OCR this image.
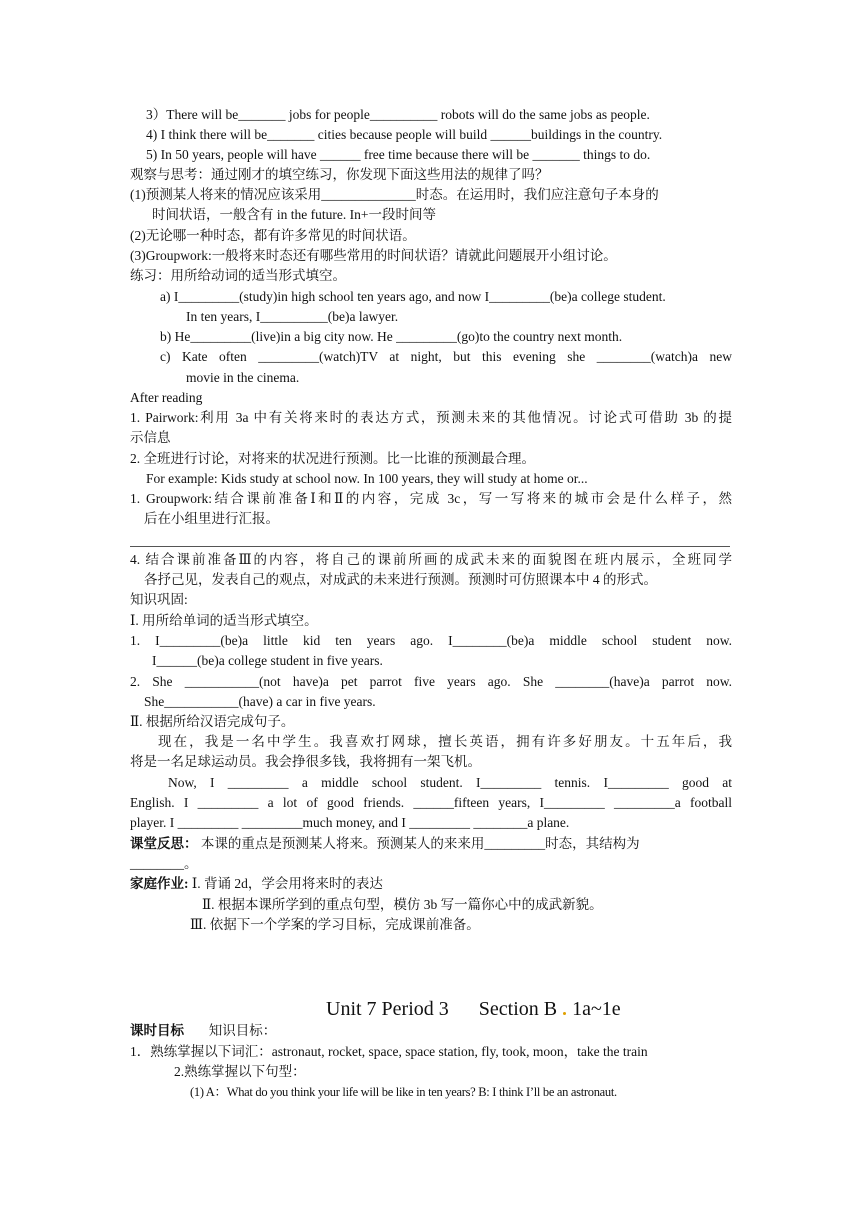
3）There will be_______ jobs for people__________ robots will do the same jobs as people.
4) I think there will be_______ cities because people will build ______buildings in the country.
5) In 50 years, people will have ______ free time because there will be _______ things to do.
观察与思考：通过刚才的填空练习，你发现下面这些用法的规律了吗？
(1)预测某人将来的情况应该采用______________时态。在运用时，我们应注意句子本身的
时间状语，一般含有 in the future. In+一段时间等
(2)无论哪一种时态，都有许多常见的时间状语。
(3)Groupwork:一般将来时态还有哪些常用的时间状语？请就此问题展开小组讨论。
练习：用所给动词的适当形式填空。
a) I_________(study)in high school ten years ago, and now I_________(be)a college student.
In ten years, I__________(be)a lawyer.
b) He_________(live)in a big city now. He _________(go)to the country next month.
c) Kate often _________(watch)TV at night, but this evening she ________(watch)a new
movie in the cinema.
After reading
1. Pairwork:利用 3a 中有关将来时的表达方式，预测未来的其他情况。讨论式可借助 3b 的提
示信息
2. 全班进行讨论，对将来的状况进行预测。比一比谁的预测最合理。
For example: Kids study at school now. In 100 years, they will study at home or...
1. Groupwork:结合课前准备Ⅰ和Ⅱ的内容，完成 3c，写一写将来的城市会是什么样子，然
后在小组里进行汇报。
4. 结合课前准备Ⅲ的内容，将自己的课前所画的成武未来的面貌图在班内展示，全班同学
各抒己见，发表自己的观点，对成武的未来进行预测。预测时可仿照课本中 4 的形式。
知识巩固:
Ⅰ. 用所给单词的适当形式填空。
1. I_________(be)a little kid ten years ago. I________(be)a middle school student now.
I______(be)a college student in five years.
2. She ___________(not have)a pet parrot five years ago. She ________(have)a parrot now.
She___________(have) a car in five years.
Ⅱ. 根据所给汉语完成句子。
现在，我是一名中学生。我喜欢打网球，擅长英语，拥有许多好朋友。十五年后，我
将是一名足球运动员。我会挣很多钱，我将拥有一架飞机。
Now, I _________ a middle school student. I_________ tennis. I_________ good at
English. I _________ a lot of good friends. ______fifteen years, I_________ _________a football
player. I _________ _________much money, and I _________ ________a plane.
课堂反思： 本课的重点是预测某人将来。预测某人的来来用_________时态，其结构为
________。
家庭作业: Ⅰ. 背诵 2d，学会用将来时的表达
Ⅱ. 根据本课所学到的重点句型，模仿 3b 写一篇你心中的成武新貌。
Ⅲ. 依据下一个学案的学习目标，完成课前准备。
Unit 7 Period 3      Section B 1a~1e
课时目标 知识目标：
1．熟练掌握以下词汇：astronaut, rocket, space, space station, fly, took, moon，take the train
2.熟练掌握以下句型：
(1) A：What do you think your life will be like in ten years? B: I think I’ll be an astronaut.
